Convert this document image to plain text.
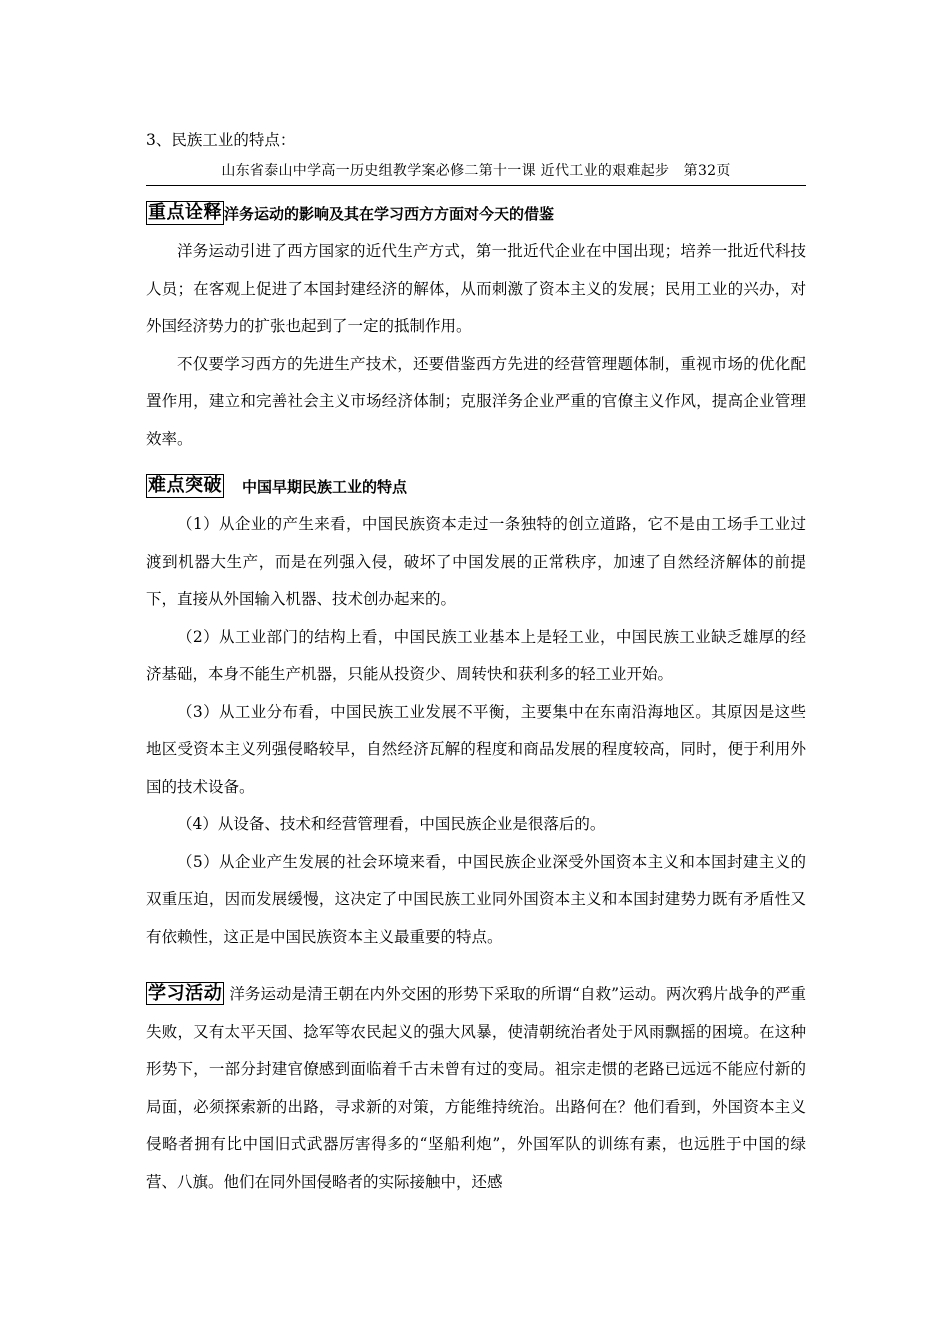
3、民族工业的特点：
山东省泰山中学高一历史组教学案必修二第十一课 近代工业的艰难起步　第32页
重点诠释 洋务运动的影响及其在学习西方方面对今天的借鉴

洋务运动引进了西方国家的近代生产方式，第一批近代企业在中国出现；培养一批近代科技人员；在客观上促进了本国封建经济的解体，从而刺激了资本主义的发展；民用工业的兴办，对外国经济势力的扩张也起到了一定的抵制作用。

不仅要学习西方的先进生产技术，还要借鉴西方先进的经营管理题体制，重视市场的优化配置作用，建立和完善社会主义市场经济体制；克服洋务企业严重的官僚主义作风，提高企业管理效率。

难点突破 中国早期民族工业的特点

（1）从企业的产生来看，中国民族资本走过一条独特的创立道路，它不是由工场手工业过渡到机器大生产，而是在列强入侵，破坏了中国发展的正常秩序，加速了自然经济解体的前提下，直接从外国输入机器、技术创办起来的。

（2）从工业部门的结构上看，中国民族工业基本上是轻工业，中国民族工业缺乏雄厚的经济基础，本身不能生产机器，只能从投资少、周转快和获利多的轻工业开始。

（3）从工业分布看，中国民族工业发展不平衡，主要集中在东南沿海地区。其原因是这些地区受资本主义列强侵略较早，自然经济瓦解的程度和商品发展的程度较高，同时，便于利用外国的技术设备。

（4）从设备、技术和经营管理看，中国民族企业是很落后的。

（5）从企业产生发展的社会环境来看，中国民族企业深受外国资本主义和本国封建主义的双重压迫，因而发展缓慢，这决定了中国民族工业同外国资本主义和本国封建势力既有矛盾性又有依赖性，这正是中国民族资本主义最重要的特点。

学习活动 洋务运动是清王朝在内外交困的形势下采取的所谓“自救”运动。两次鸦片战争的严重失败，又有太平天国、捻军等农民起义的强大风暴，使清朝统治者处于风雨飘摇的困境。在这种形势下，一部分封建官僚感到面临着千古未曾有过的变局。祖宗走惯的老路已远远不能应付新的局面，必须探索新的出路，寻求新的对策，方能维持统治。出路何在？他们看到，外国资本主义侵略者拥有比中国旧式武器厉害得多的“坚船利炮”，外国军队的训练有素，也远胜于中国的绿营、八旗。他们在同外国侵略者的实际接触中，还感
